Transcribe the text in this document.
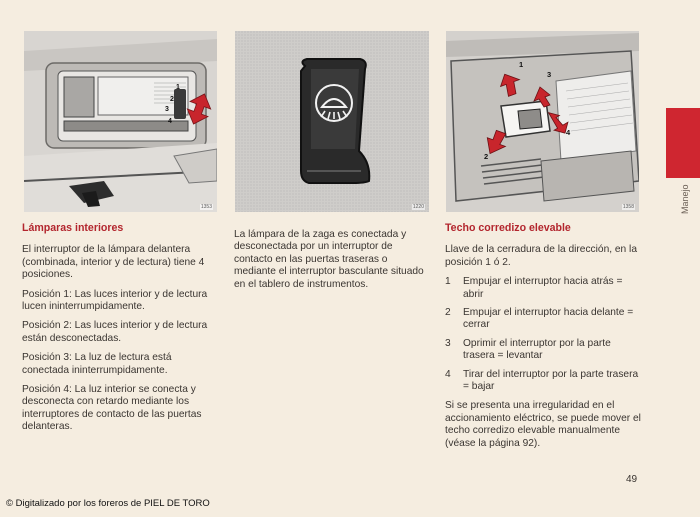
1
2
3
4
1353	1220
1
2
3
4
1358
Lámparas interiores

El interruptor de la lámpara delantera (combinada, interior y de lectura) tiene 4 posiciones.

Posición 1: Las luces interior y de lectura lucen ininterrumpidamente.

Posición 2: Las luces interior y de lectura están desconectadas.

Posición 3: La luz de lectura está conectada ininterrumpidamente.

Posición 4: La luz interior se conecta y desconecta con retardo mediante los interruptores de contacto de las puertas delanteras.

La lámpara de la zaga es conectada y desconectada por un interruptor de contacto en las puertas traseras o mediante el interruptor basculante situado en el tablero de instrumentos.

Techo corredizo elevable

Llave de la cerradura de la dirección, en la posición 1 ó 2.

1	Empujar el interruptor hacia atrás = abrir
2	Empujar el interruptor hacia delante = cerrar
3	Oprimir el interruptor por la parte trasera = levantar
4	Tirar del interruptor por la parte trasera = bajar

Si se presenta una irregularidad en el accionamiento eléctrico, se puede mover el techo corredizo elevable manualmente (véase la página 92).

Manejo
49
© Digitalizado por los foreros de PIEL DE TORO
